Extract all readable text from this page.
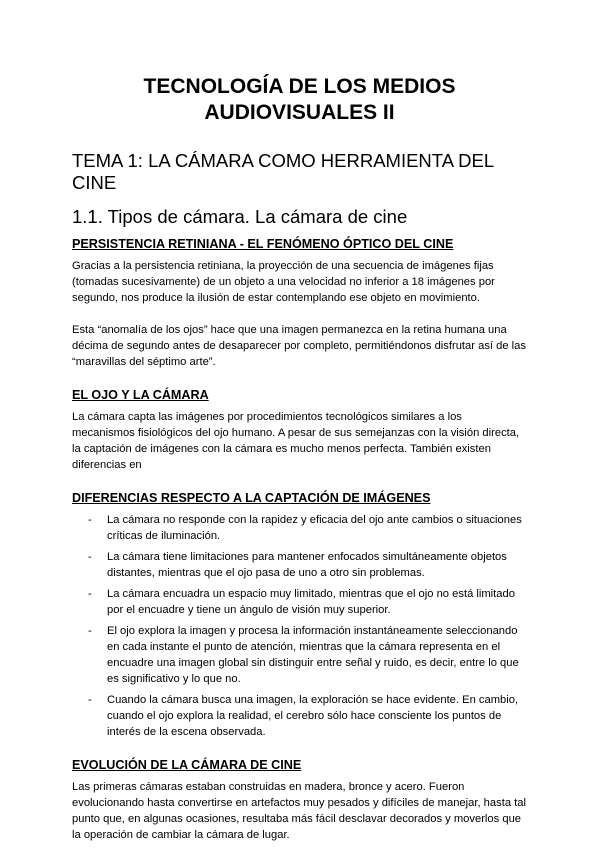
TECNOLOGÍA DE LOS MEDIOS
AUDIOVISUALES II
TEMA 1: LA CÁMARA COMO HERRAMIENTA DEL CINE
1.1. Tipos de cámara. La cámara de cine
PERSISTENCIA RETINIANA - EL FENÓMENO ÓPTICO DEL CINE

Gracias a la persistencia retiniana, la proyección de una secuencia de imágenes fijas (tomadas sucesivamente) de un objeto a una velocidad no inferior a 18 imágenes por segundo, nos produce la ilusión de estar contemplando ese objeto en movimiento.

Esta “anomalía de los ojos” hace que una imagen permanezca en la retina humana una décima de segundo antes de desaparecer por completo, permitiéndonos disfrutar así de las “maravillas del séptimo arte”.

EL OJO Y LA CÁMARA

La cámara capta las imágenes por procedimientos tecnológicos similares a los mecanismos fisiológicos del ojo humano. A pesar de sus semejanzas con la visión directa, la captación de imágenes con la cámara es mucho menos perfecta. También existen diferencias en

DIFERENCIAS RESPECTO A LA CAPTACIÓN DE IMÁGENES
- La cámara no responde con la rapidez y eficacia del ojo ante cambios o situaciones críticas de iluminación.
- La cámara tiene limitaciones para mantener enfocados simultáneamente objetos distantes, mientras que el ojo pasa de uno a otro sin problemas.
- La cámara encuadra un espacio muy limitado, mientras que el ojo no está limitado por el encuadre y tiene un ángulo de visión muy superior.
- El ojo explora la imagen y procesa la información instantáneamente seleccionando en cada instante el punto de atención, mientras que la cámara representa en el encuadre una imagen global sin distinguir entre señal y ruido, es decir, entre lo que es significativo y lo que no.
- Cuando la cámara busca una imagen, la exploración se hace evidente. En cambio, cuando el ojo explora la realidad, el cerebro sólo hace consciente los puntos de interés de la escena observada.
EVOLUCIÓN DE LA CÁMARA DE CINE

Las primeras cámaras estaban construidas en madera, bronce y acero. Fueron evolucionando hasta convertirse en artefactos muy pesados y difíciles de manejar, hasta tal punto que, en algunas ocasiones, resultaba más fácil desclavar decorados y moverlos que la operación de cambiar la cámara de lugar.
